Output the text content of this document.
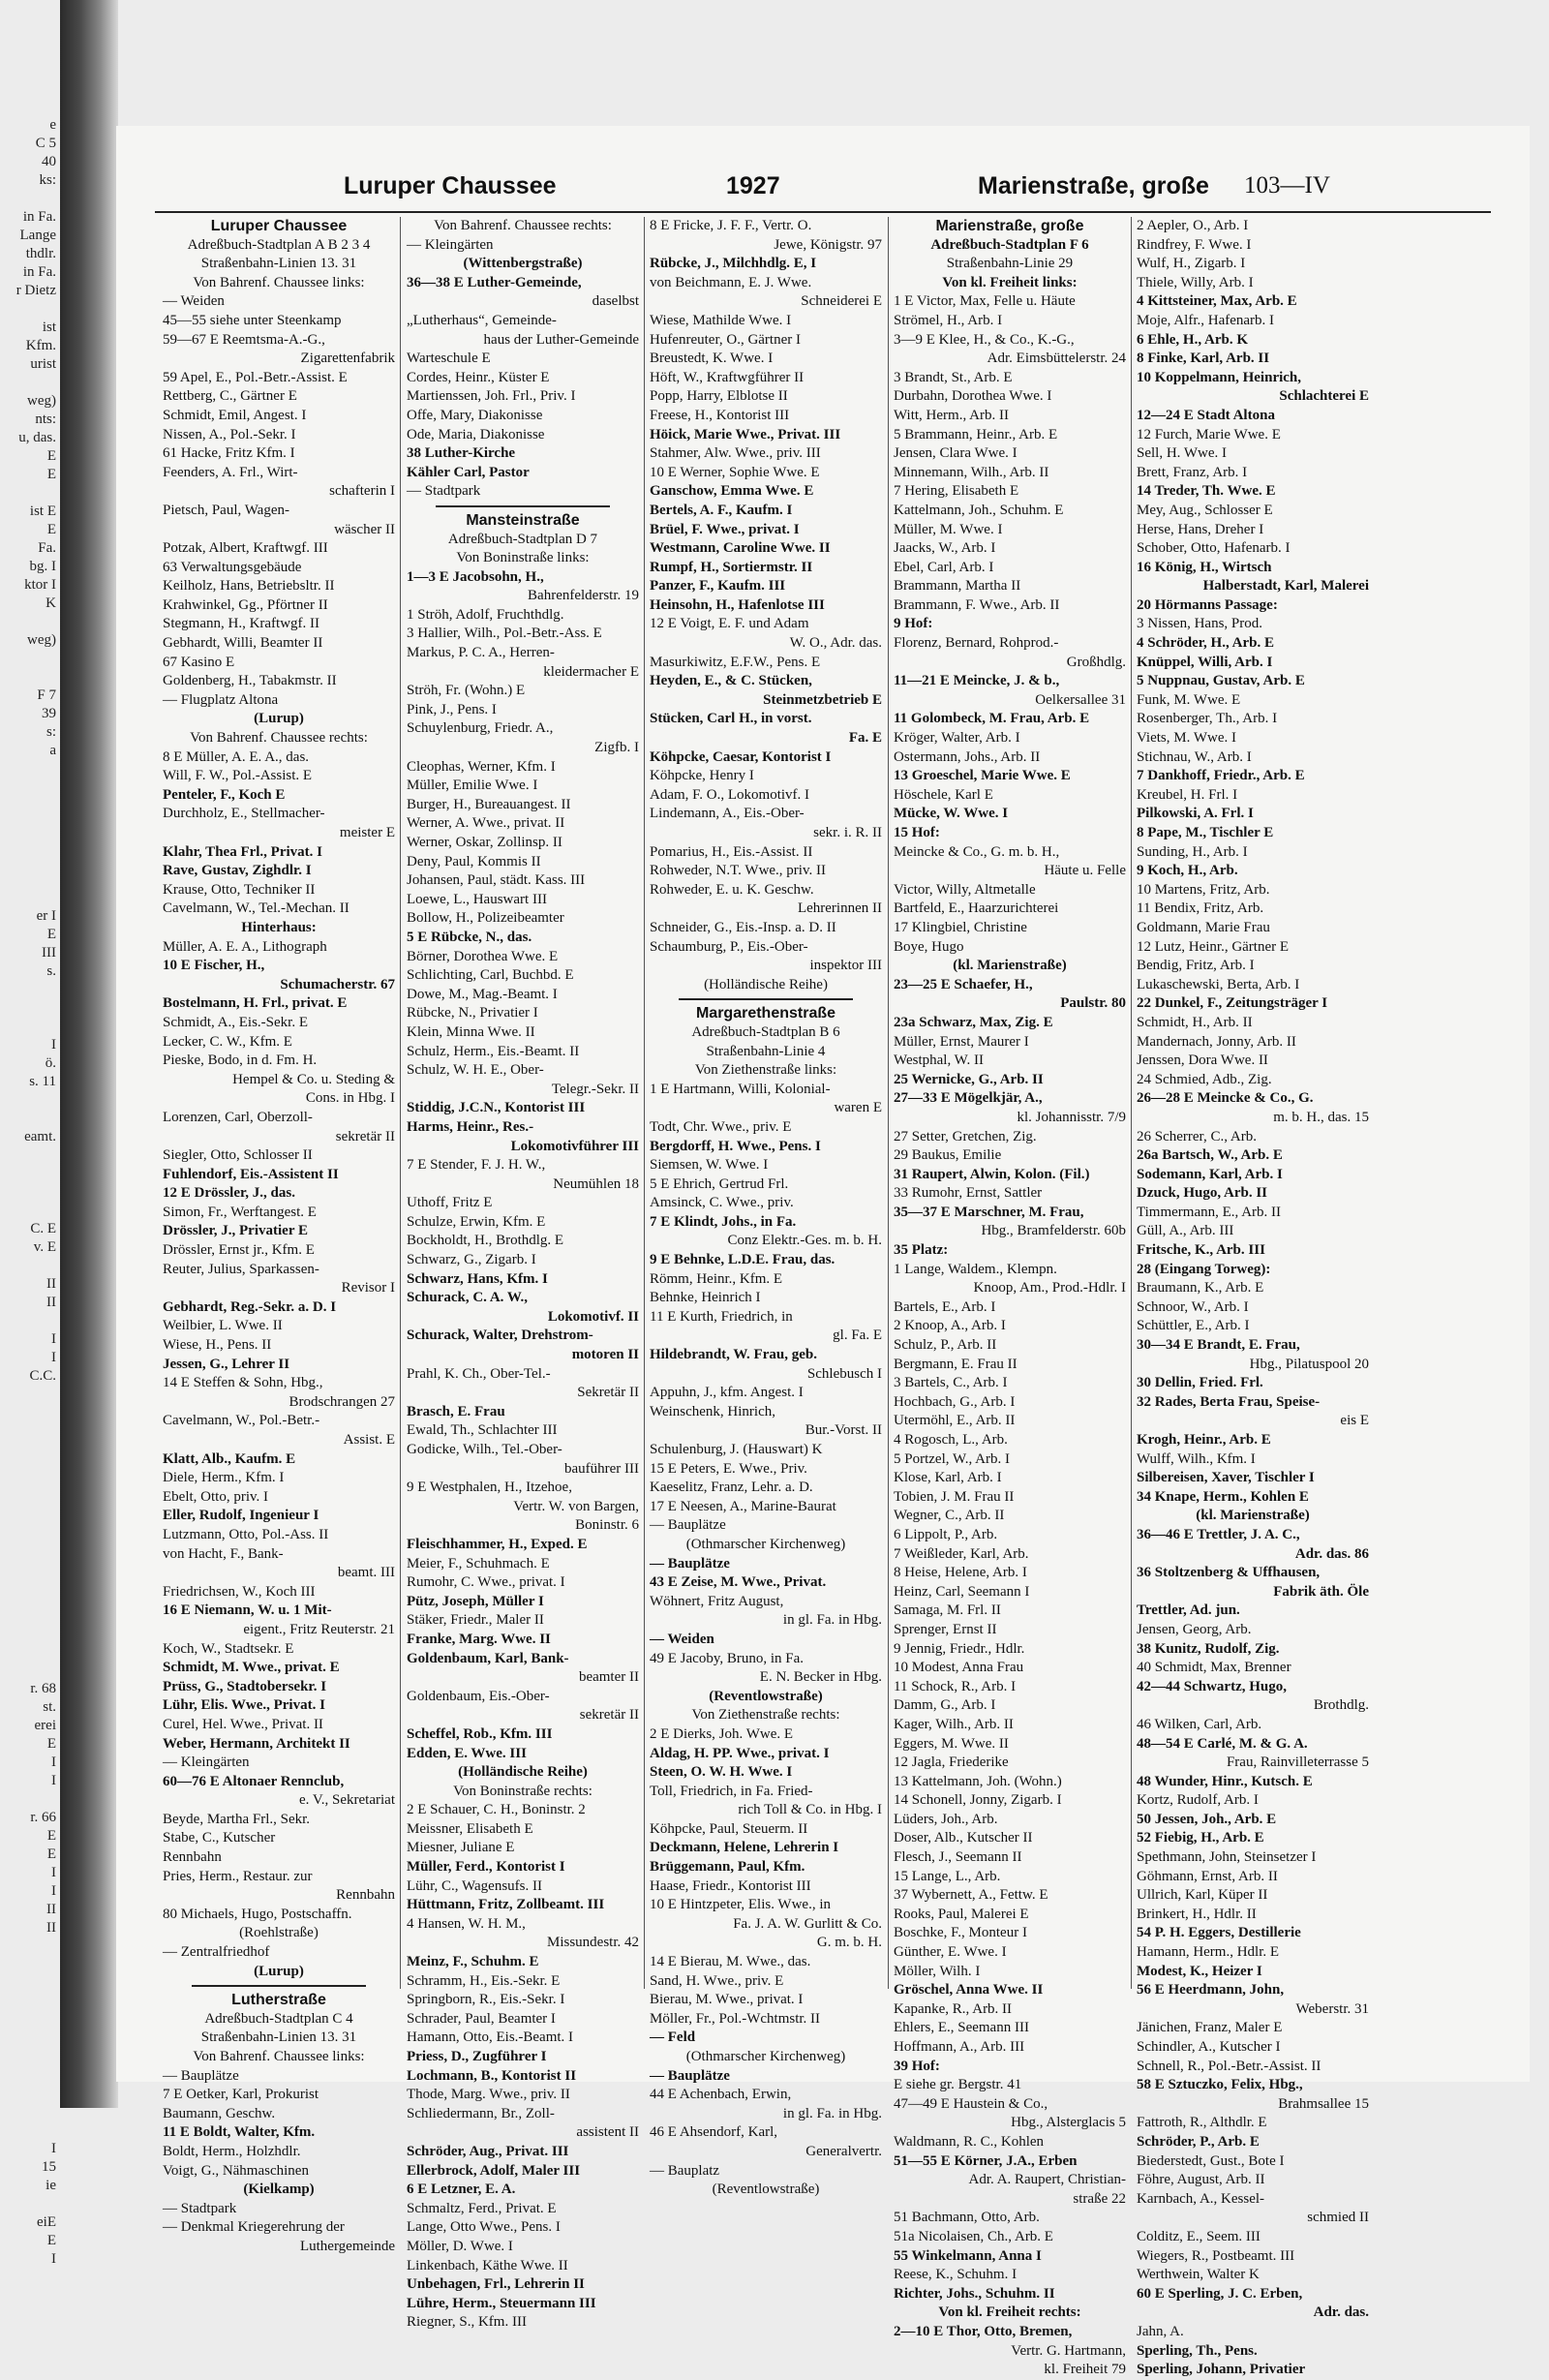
e
C 5
40
ks:

in Fa.
Lange
thdlr.
in Fa.
r Dietz

ist
Kfm.
urist

weg)
nts:
u, das.
E
E

ist E
E
Fa.
bg. I
ktor I
K

weg)

F 7
39
s:
a

er I
E
III
s.

I
ö.
s. 11

eamt.

C. E
v. E

II
II

I
I
C.C.

r. 68
st.
erei
E
I
I

r. 66
E
E
I
I
II
II

I
15
ie

eiE
E
I
Luruper Chaussee	1927	Marienstraße, große 103—IV
Luruper Chaussee
Adreßbuch-Stadtplan A B 2 3 4
Straßenbahn-Linien 13. 31
Von Bahrenf. Chaussee links:
— Weiden
45—55 siehe unter Steenkamp
59—67 E Reemtsma-A.-G.,
Zigarettenfabrik
59 Apel, E., Pol.-Betr.-Assist. E
Rettberg, C., Gärtner E
Schmidt, Emil, Angest. I
Nissen, A., Pol.-Sekr. I
61 Hacke, Fritz Kfm. I
Feenders, A. Frl., Wirt-
schafterin I
Pietsch, Paul, Wagen-
wäscher II
Potzak, Albert, Kraftwgf. III
63 Verwaltungsgebäude
Keilholz, Hans, Betriebsltr. II
Krahwinkel, Gg., Pförtner II
Stegmann, H., Kraftwgf. II
Gebhardt, Willi, Beamter II
67 Kasino E
Goldenberg, H., Tabakmstr. II
— Flugplatz Altona
(Lurup)
Von Bahrenf. Chaussee rechts:
8 E Müller, A. E. A., das.
Will, F. W., Pol.-Assist. E
Penteler, F., Koch E
Durchholz, E., Stellmacher-
meister E
Klahr, Thea Frl., Privat. I
Rave, Gustav, Zighdlr. I
Krause, Otto, Techniker II
Cavelmann, W., Tel.-Mechan. II
Hinterhaus:
Müller, A. E. A., Lithograph
10 E Fischer, H.,
Schumacherstr. 67
Bostelmann, H. Frl., privat. E
Schmidt, A., Eis.-Sekr. E
Lecker, C. W., Kfm. E
Pieske, Bodo, in d. Fm. H.
Hempel & Co. u. Steding &
Cons. in Hbg. I
Lorenzen, Carl, Oberzoll-
sekretär II
Siegler, Otto, Schlosser II
Fuhlendorf, Eis.-Assistent II
12 E Drössler, J., das.
Simon, Fr., Werftangest. E
Drössler, J., Privatier E
Drössler, Ernst jr., Kfm. E
Reuter, Julius, Sparkassen-
Revisor I
Gebhardt, Reg.-Sekr. a. D. I
Weilbier, L. Wwe. II
Wiese, H., Pens. II
Jessen, G., Lehrer II
14 E Steffen & Sohn, Hbg.,
Brodschrangen 27
Cavelmann, W., Pol.-Betr.-
Assist. E
Klatt, Alb., Kaufm. E
Diele, Herm., Kfm. I
Ebelt, Otto, priv. I
Eller, Rudolf, Ingenieur I
Lutzmann, Otto, Pol.-Ass. II
von Hacht, F., Bank-
beamt. III
Friedrichsen, W., Koch III
16 E Niemann, W. u. 1 Mit-
eigent., Fritz Reuterstr. 21
Koch, W., Stadtsekr. E
Schmidt, M. Wwe., privat. E
Prüss, G., Stadtobersekr. I
Lühr, Elis. Wwe., Privat. I
Curel, Hel. Wwe., Privat. II
Weber, Hermann, Architekt II
— Kleingärten
60—76 E Altonaer Rennclub,
e. V., Sekretariat
Beyde, Martha Frl., Sekr.
Stabe, C., Kutscher
Rennbahn
Pries, Herm., Restaur. zur
Rennbahn
80 Michaels, Hugo, Postschaffn.
(Roehlstraße)
— Zentralfriedhof
(Lurup)
Lutherstraße
Adreßbuch-Stadtplan C 4
Straßenbahn-Linien 13. 31
Von Bahrenf. Chaussee links:
— Bauplätze
7 E Oetker, Karl, Prokurist
Baumann, Geschw.
11 E Boldt, Walter, Kfm.
Boldt, Herm., Holzhdlr.
Voigt, G., Nähmaschinen
(Kielkamp)
— Stadtpark
— Denkmal Kriegerehrung der
Luthergemeinde
Von Bahrenf. Chaussee rechts:
— Kleingärten
(Wittenbergstraße)
36—38 E Luther-Gemeinde,
daselbst
„Lutherhaus“, Gemeinde-
haus der Luther-Gemeinde
Warteschule E
Cordes, Heinr., Küster E
Martienssen, Joh. Frl., Priv. I
Offe, Mary, Diakonisse
Ode, Maria, Diakonisse
38 Luther-Kirche
Kähler Carl, Pastor
— Stadtpark
Mansteinstraße
Adreßbuch-Stadtplan D 7
Von Boninstraße links:
1—3 E Jacobsohn, H.,
Bahrenfelderstr. 19
1 Ströh, Adolf, Fruchthdlg.
3 Hallier, Wilh., Pol.-Betr.-Ass. E
Markus, P. C. A., Herren-
kleidermacher E
Ströh, Fr. (Wohn.) E
Pink, J., Pens. I
Schuylenburg, Friedr. A.,
Zigfb. I
Cleophas, Werner, Kfm. I
Müller, Emilie Wwe. I
Burger, H., Bureauangest. II
Werner, A. Wwe., privat. II
Werner, Oskar, Zollinsp. II
Deny, Paul, Kommis II
Johansen, Paul, städt. Kass. III
Loewe, L., Hauswart III
Bollow, H., Polizeibeamter
5 E Rübcke, N., das.
Börner, Dorothea Wwe. E
Schlichting, Carl, Buchbd. E
Dowe, M., Mag.-Beamt. I
Rübcke, N., Privatier I
Klein, Minna Wwe. II
Schulz, Herm., Eis.-Beamt. II
Schulz, W. H. E., Ober-
Telegr.-Sekr. II
Stiddig, J.C.N., Kontorist III
Harms, Heinr., Res.-
Lokomotivführer III
7 E Stender, F. J. H. W.,
Neumühlen 18
Uthoff, Fritz E
Schulze, Erwin, Kfm. E
Bockholdt, H., Brothdlg. E
Schwarz, G., Zigarb. I
Schwarz, Hans, Kfm. I
Schurack, C. A. W.,
Lokomotivf. II
Schurack, Walter, Drehstrom-
motoren II
Prahl, K. Ch., Ober-Tel.-
Sekretär II
Brasch, E. Frau
Ewald, Th., Schlachter III
Godicke, Wilh., Tel.-Ober-
bauführer III
9 E Westphalen, H., Itzehoe,
Vertr. W. von Bargen,
Boninstr. 6
Fleischhammer, H., Exped. E
Meier, F., Schuhmach. E
Rumohr, C. Wwe., privat. I
Pütz, Joseph, Müller I
Stäker, Friedr., Maler II
Franke, Marg. Wwe. II
Goldenbaum, Karl, Bank-
beamter II
Goldenbaum, Eis.-Ober-
sekretär II
Scheffel, Rob., Kfm. III
Edden, E. Wwe. III
(Holländische Reihe)
Von Boninstraße rechts:
2 E Schauer, C. H., Boninstr. 2
Meissner, Elisabeth E
Miesner, Juliane E
Müller, Ferd., Kontorist I
Lühr, C., Wagensufs. II
Hüttmann, Fritz, Zollbeamt. III
4 Hansen, W. H. M.,
Missundestr. 42
Meinz, F., Schuhm. E
Schramm, H., Eis.-Sekr. E
Springborn, R., Eis.-Sekr. I
Schrader, Paul, Beamter I
Hamann, Otto, Eis.-Beamt. I
Priess, D., Zugführer I
Lochmann, B., Kontorist II
Thode, Marg. Wwe., priv. II
Schliedermann, Br., Zoll-
assistent II
Schröder, Aug., Privat. III
Ellerbrock, Adolf, Maler III
6 E Letzner, E. A.
Schmaltz, Ferd., Privat. E
Lange, Otto Wwe., Pens. I
Möller, D. Wwe. I
Linkenbach, Käthe Wwe. II
Unbehagen, Frl., Lehrerin II
Lühre, Herm., Steuermann III
Riegner, S., Kfm. III
8 E Fricke, J. F. F., Vertr. O.
Jewe, Königstr. 97
Rübcke, J., Milchhdlg. E, I
von Beichmann, E. J. Wwe.
Schneiderei E
Wiese, Mathilde Wwe. I
Hufenreuter, O., Gärtner I
Breustedt, K. Wwe. I
Höft, W., Kraftwgführer II
Popp, Harry, Elblotse II
Freese, H., Kontorist III
Höick, Marie Wwe., Privat. III
Stahmer, Alw. Wwe., priv. III
10 E Werner, Sophie Wwe. E
Ganschow, Emma Wwe. E
Bertels, A. F., Kaufm. I
Brüel, F. Wwe., privat. I
Westmann, Caroline Wwe. II
Rumpf, H., Sortiermstr. II
Panzer, F., Kaufm. III
Heinsohn, H., Hafenlotse III
12 E Voigt, E. F. und Adam
W. O., Adr. das.
Masurkiwitz, E.F.W., Pens. E
Heyden, E., & C. Stücken,
Steinmetzbetrieb E
Stücken, Carl H., in vorst.
Fa. E
Köhpcke, Caesar, Kontorist I
Köhpcke, Henry I
Adam, F. O., Lokomotivf. I
Lindemann, A., Eis.-Ober-
sekr. i. R. II
Pomarius, H., Eis.-Assist. II
Rohweder, N.T. Wwe., priv. II
Rohweder, E. u. K. Geschw.
Lehrerinnen II
Schneider, G., Eis.-Insp. a. D. II
Schaumburg, P., Eis.-Ober-
inspektor III
(Holländische Reihe)
Margarethenstraße
Adreßbuch-Stadtplan B 6
Straßenbahn-Linie 4
Von Ziethenstraße links:
1 E Hartmann, Willi, Kolonial-
waren E
Todt, Chr. Wwe., priv. E
Bergdorff, H. Wwe., Pens. I
Siemsen, W. Wwe. I
5 E Ehrich, Gertrud Frl.
Amsinck, C. Wwe., priv.
7 E Klindt, Johs., in Fa.
Conz Elektr.-Ges. m. b. H.
9 E Behnke, L.D.E. Frau, das.
Römm, Heinr., Kfm. E
Behnke, Heinrich I
11 E Kurth, Friedrich, in
gl. Fa. E
Hildebrandt, W. Frau, geb.
Schlebusch I
Appuhn, J., kfm. Angest. I
Weinschenk, Hinrich,
Bur.-Vorst. II
Schulenburg, J. (Hauswart) K
15 E Peters, E. Wwe., Priv.
Kaeselitz, Franz, Lehr. a. D.
17 E Neesen, A., Marine-Baurat
— Bauplätze
(Othmarscher Kirchenweg)
— Bauplätze
43 E Zeise, M. Wwe., Privat.
Wöhnert, Fritz August,
in gl. Fa. in Hbg.
— Weiden
49 E Jacoby, Bruno, in Fa.
E. N. Becker in Hbg.
(Reventlowstraße)
Von Ziethenstraße rechts:
2 E Dierks, Joh. Wwe. E
Aldag, H. PP. Wwe., privat. I
Steen, O. W. H. Wwe. I
Toll, Friedrich, in Fa. Fried-
rich Toll & Co. in Hbg. I
Köhpcke, Paul, Steuerm. II
Deckmann, Helene, Lehrerin I
Brüggemann, Paul, Kfm.
Haase, Friedr., Kontorist III
10 E Hintzpeter, Elis. Wwe., in
Fa. J. A. W. Gurlitt & Co.
G. m. b. H.
14 E Bierau, M. Wwe., das.
Sand, H. Wwe., priv. E
Bierau, M. Wwe., privat. I
Möller, Fr., Pol.-Wchtmstr. II
— Feld
(Othmarscher Kirchenweg)
— Bauplätze
44 E Achenbach, Erwin,
in gl. Fa. in Hbg.
46 E Ahsendorf, Karl,
Generalvertr.
— Bauplatz
(Reventlowstraße)
Marienstraße, große
Adreßbuch-Stadtplan F 6
Straßenbahn-Linie 29
Von kl. Freiheit links:
1 E Victor, Max, Felle u. Häute
Strömel, H., Arb. I
3—9 E Klee, H., & Co., K.-G.,
Adr. Eimsbüttelerstr. 24
3 Brandt, St., Arb. E
Durbahn, Dorothea Wwe. I
Witt, Herm., Arb. II
5 Brammann, Heinr., Arb. E
Jensen, Clara Wwe. I
Minnemann, Wilh., Arb. II
7 Hering, Elisabeth E
Kattelmann, Joh., Schuhm. E
Müller, M. Wwe. I
Jaacks, W., Arb. I
Ebel, Carl, Arb. I
Brammann, Martha II
Brammann, F. Wwe., Arb. II
9 Hof:
Florenz, Bernard, Rohprod.-
Großhdlg.
11—21 E Meincke, J. & b.,
Oelkersallee 31
11 Golombeck, M. Frau, Arb. E
Kröger, Walter, Arb. I
Ostermann, Johs., Arb. II
13 Groeschel, Marie Wwe. E
Höschele, Karl E
Mücke, W. Wwe. I
15 Hof:
Meincke & Co., G. m. b. H.,
Häute u. Felle
Victor, Willy, Altmetalle
Bartfeld, E., Haarzurichterei
17 Klingbiel, Christine
Boye, Hugo
(kl. Marienstraße)
23—25 E Schaefer, H.,
Paulstr. 80
23a Schwarz, Max, Zig. E
Müller, Ernst, Maurer I
Westphal, W. II
25 Wernicke, G., Arb. II
27—33 E Mögelkjär, A.,
kl. Johannisstr. 7/9
27 Setter, Gretchen, Zig.
29 Baukus, Emilie
31 Raupert, Alwin, Kolon. (Fil.)
33 Rumohr, Ernst, Sattler
35—37 E Marschner, M. Frau,
Hbg., Bramfelderstr. 60b
35 Platz:
1 Lange, Waldem., Klempn.
Knoop, Am., Prod.-Hdlr. I
Bartels, E., Arb. I
2 Knoop, A., Arb. I
Schulz, P., Arb. II
Bergmann, E. Frau II
3 Bartels, C., Arb. I
Hochbach, G., Arb. I
Utermöhl, E., Arb. II
4 Rogosch, L., Arb.
5 Portzel, W., Arb. I
Klose, Karl, Arb. I
Tobien, J. M. Frau II
Wegner, C., Arb. II
6 Lippolt, P., Arb.
7 Weißleder, Karl, Arb.
8 Heise, Helene, Arb. I
Heinz, Carl, Seemann I
Samaga, M. Frl. II
Sprenger, Ernst II
9 Jennig, Friedr., Hdlr.
10 Modest, Anna Frau
11 Schock, R., Arb. I
Damm, G., Arb. I
Kager, Wilh., Arb. II
Eggers, M. Wwe. II
12 Jagla, Friederike
13 Kattelmann, Joh. (Wohn.)
14 Schonell, Jonny, Zigarb. I
Lüders, Joh., Arb.
Doser, Alb., Kutscher II
Flesch, J., Seemann II
15 Lange, L., Arb.
37 Wybernett, A., Fettw. E
Rooks, Paul, Malerei E
Boschke, F., Monteur I
Günther, E. Wwe. I
Möller, Wilh. I
Gröschel, Anna Wwe. II
Kapanke, R., Arb. II
Ehlers, E., Seemann III
Hoffmann, A., Arb. III
39 Hof:
E siehe gr. Bergstr. 41
47—49 E Haustein & Co.,
Hbg., Alsterglacis 5
Waldmann, R. C., Kohlen
51—55 E Körner, J.A., Erben
Adr. A. Raupert, Christian-
straße 22
51 Bachmann, Otto, Arb.
51a Nicolaisen, Ch., Arb. E
55 Winkelmann, Anna I
Reese, K., Schuhm. I
Richter, Johs., Schuhm. II
Von kl. Freiheit rechts:
2—10 E Thor, Otto, Bremen,
Vertr. G. Hartmann,
kl. Freiheit 79
2 Aepler, O., Arb. I
Rindfrey, F. Wwe. I
Wulf, H., Zigarb. I
Thiele, Willy, Arb. I
4 Kittsteiner, Max, Arb. E
Moje, Alfr., Hafenarb. I
6 Ehle, H., Arb. K
8 Finke, Karl, Arb. II
10 Koppelmann, Heinrich,
Schlachterei E
12—24 E Stadt Altona
12 Furch, Marie Wwe. E
Sell, H. Wwe. I
Brett, Franz, Arb. I
14 Treder, Th. Wwe. E
Mey, Aug., Schlosser E
Herse, Hans, Dreher I
Schober, Otto, Hafenarb. I
16 König, H., Wirtsch
Halberstadt, Karl, Malerei
20 Hörmanns Passage:
3 Nissen, Hans, Prod.
4 Schröder, H., Arb. E
Knüppel, Willi, Arb. I
5 Nuppnau, Gustav, Arb. E
Funk, M. Wwe. E
Rosenberger, Th., Arb. I
Viets, M. Wwe. I
Stichnau, W., Arb. I
7 Dankhoff, Friedr., Arb. E
Kreubel, H. Frl. I
Pilkowski, A. Frl. I
8 Pape, M., Tischler E
Sunding, H., Arb. I
9 Koch, H., Arb.
10 Martens, Fritz, Arb.
11 Bendix, Fritz, Arb.
Goldmann, Marie Frau
12 Lutz, Heinr., Gärtner E
Bendig, Fritz, Arb. I
Lukaschewski, Berta, Arb. I
22 Dunkel, F., Zeitungsträger I
Schmidt, H., Arb. II
Mandernach, Jonny, Arb. II
Jenssen, Dora Wwe. II
24 Schmied, Adb., Zig.
26—28 E Meincke & Co., G.
m. b. H., das. 15
26 Scherrer, C., Arb.
26a Bartsch, W., Arb. E
Sodemann, Karl, Arb. I
Dzuck, Hugo, Arb. II
Timmermann, E., Arb. II
Güll, A., Arb. III
Fritsche, K., Arb. III
28 (Eingang Torweg):
Braumann, K., Arb. E
Schnoor, W., Arb. I
Schüttler, E., Arb. I
30—34 E Brandt, E. Frau,
Hbg., Pilatuspool 20
30 Dellin, Fried. Frl.
32 Rades, Berta Frau, Speise-
eis E
Krogh, Heinr., Arb. E
Wulff, Wilh., Kfm. I
Silbereisen, Xaver, Tischler I
34 Knape, Herm., Kohlen E
(kl. Marienstraße)
36—46 E Trettler, J. A. C.,
Adr. das. 86
36 Stoltzenberg & Uffhausen,
Fabrik äth. Öle
Trettler, Ad. jun.
Jensen, Georg, Arb.
38 Kunitz, Rudolf, Zig.
40 Schmidt, Max, Brenner
42—44 Schwartz, Hugo,
Brothdlg.
46 Wilken, Carl, Arb.
48—54 E Carlé, M. & G. A.
Frau, Rainvilleterrasse 5
48 Wunder, Hinr., Kutsch. E
Kortz, Rudolf, Arb. I
50 Jessen, Joh., Arb. E
52 Fiebig, H., Arb. E
Spethmann, John, Steinsetzer I
Göhmann, Ernst, Arb. II
Ullrich, Karl, Küper II
Brinkert, H., Hdlr. II
54 P. H. Eggers, Destillerie
Hamann, Herm., Hdlr. E
Modest, K., Heizer I
56 E Heerdmann, John,
Weberstr. 31
Jänichen, Franz, Maler E
Schindler, A., Kutscher I
Schnell, R., Pol.-Betr.-Assist. II
58 E Sztuczko, Felix, Hbg.,
Brahmsallee 15
Fattroth, R., Althdlr. E
Schröder, P., Arb. E
Biederstedt, Gust., Bote I
Föhre, August, Arb. II
Karnbach, A., Kessel-
schmied II
Colditz, E., Seem. III
Wiegers, R., Postbeamt. III
Werthwein, Walter K
60 E Sperling, J. C. Erben,
Adr. das.
Jahn, A.
Sperling, Th., Pens.
Sperling, Johann, Privatier
